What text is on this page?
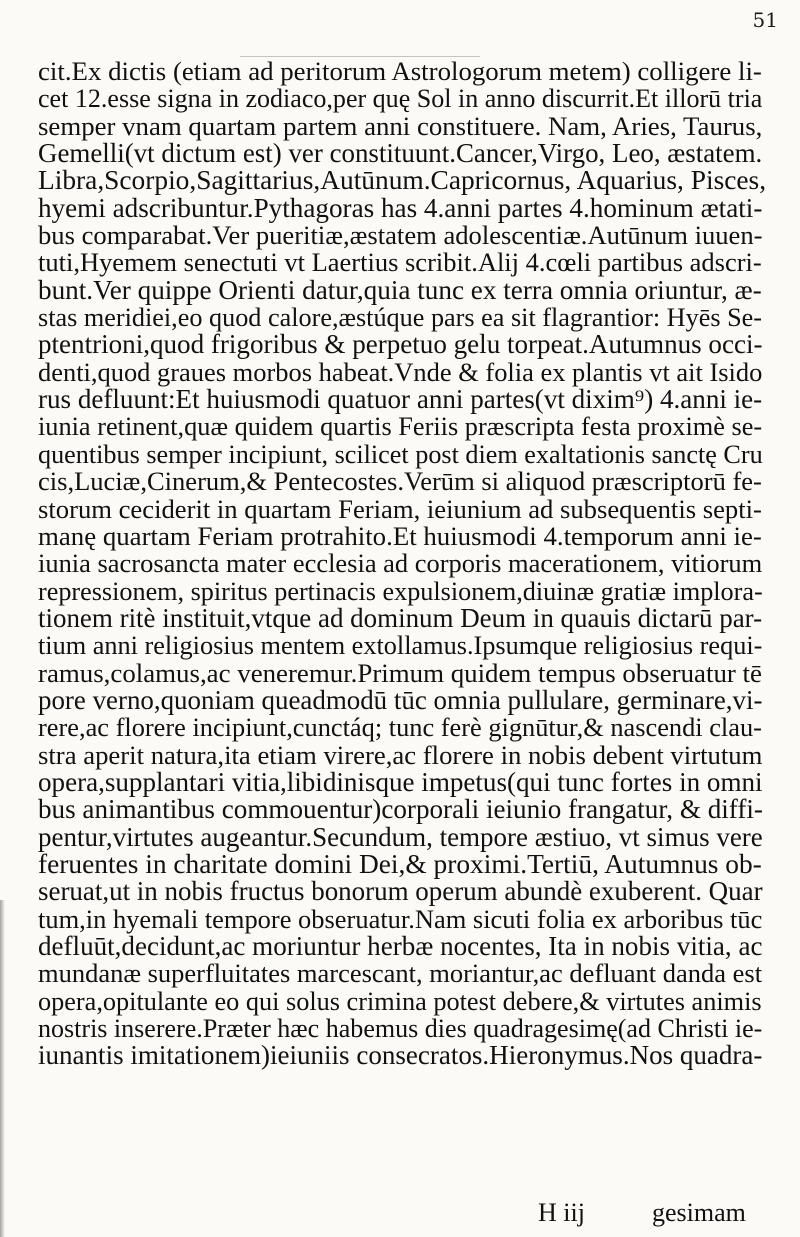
51
cit.Ex dictis (etiam ad peritorum Astrologorum metem) colligere li-
cet 12.esse signa in zodiaco,per quę Sol in anno discurrit.Et illorū tria
semper vnam quartam partem anni constituere. Nam, Aries, Taurus,
Gemelli(vt dictum est) ver constituunt.Cancer,Virgo, Leo, æstatem.
Libra,Scorpio,Sagittarius,Autūnum.Capricornus, Aquarius, Pisces,
hyemi adscribuntur.Pythagoras has 4.anni partes 4.hominum ætati-
bus comparabat.Ver pueritiæ,æstatem adolescentiæ.Autūnum iuuen-
tuti,Hyemem senectuti vt Laertius scribit.Alij 4.cœli partibus adscri-
bunt.Ver quippe Orienti datur,quia tunc ex terra omnia oriuntur, æ-
stas meridiei,eo quod calore,æstúque pars ea sit flagrantior: Hyēs Se-
ptentrioni,quod frigoribus & perpetuo gelu torpeat.Autumnus occi-
denti,quod graues morbos habeat.Vnde & folia ex plantis vt ait Isido
rus defluunt:Et huiusmodi quatuor anni partes(vt dixim⁹) 4.anni ie-
iunia retinent,quæ quidem quartis Feriis præscripta festa proximè se-
quentibus semper incipiunt, scilicet post diem exaltationis sanctę Cru
cis,Luciæ,Cinerum,& Pentecostes.Verūm si aliquod præscriptorū fe-
storum ceciderit in quartam Feriam, ieiunium ad subsequentis septi-
manę quartam Feriam protrahito.Et huiusmodi 4.temporum anni ie-
iunia sacrosancta mater ecclesia ad corporis macerationem, vitiorum
repressionem, spiritus pertinacis expulsionem,diuinæ gratiæ implora-
tionem ritè instituit,vtque ad dominum Deum in quauis dictarū par-
tium anni religiosius mentem extollamus.Ipsumque religiosius requi-
ramus,colamus,ac veneremur.Primum quidem tempus obseruatur tē
pore verno,quoniam queadmodū tūc omnia pullulare, germinare,vi-
rere,ac florere incipiunt,cunctáq; tunc ferè gignūtur,& nascendi clau-
stra aperit natura,ita etiam virere,ac florere in nobis debent virtutum
opera,supplantari vitia,libidinisque impetus(qui tunc fortes in omni
bus animantibus commouentur)corporali ieiunio frangatur, & diffi-
pentur,virtutes augeantur.Secundum, tempore æstiuo, vt simus vere
feruentes in charitate domini Dei,& proximi.Tertiū, Autumnus ob-
seruat,ut in nobis fructus bonorum operum abundè exuberent. Quar
tum,in hyemali tempore obseruatur.Nam sicuti folia ex arboribus tūc
defluūt,decidunt,ac moriuntur herbæ nocentes, Ita in nobis vitia, ac
mundanæ superfluitates marcescant, moriantur,ac defluant danda est
opera,opitulante eo qui solus crimina potest debere,& virtutes animis
nostris inserere.Præter hæc habemus dies quadragesimę(ad Christi ie-
iunantis imitationem)ieiuniis consecratos.Hieronymus.Nos quadra-
H iij	gesimam
